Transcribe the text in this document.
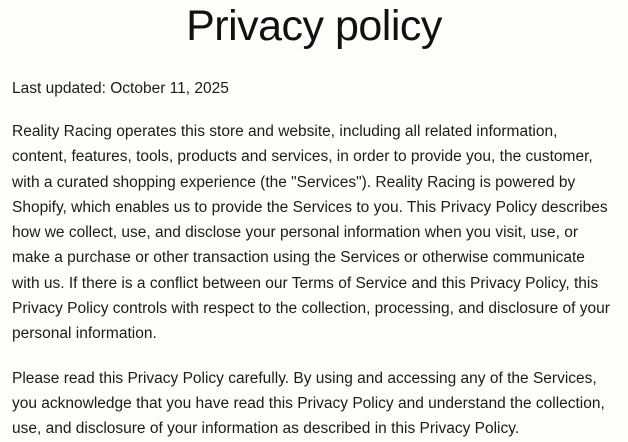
Privacy policy

Last updated: October 11, 2025

Reality Racing operates this store and website, including all related information, content, features, tools, products and services, in order to provide you, the customer, with a curated shopping experience (the "Services"). Reality Racing is powered by Shopify, which enables us to provide the Services to you. This Privacy Policy describes how we collect, use, and disclose your personal information when you visit, use, or make a purchase or other transaction using the Services or otherwise communicate with us. If there is a conflict between our Terms of Service and this Privacy Policy, this Privacy Policy controls with respect to the collection, processing, and disclosure of your personal information.

Please read this Privacy Policy carefully. By using and accessing any of the Services, you acknowledge that you have read this Privacy Policy and understand the collection, use, and disclosure of your information as described in this Privacy Policy.
